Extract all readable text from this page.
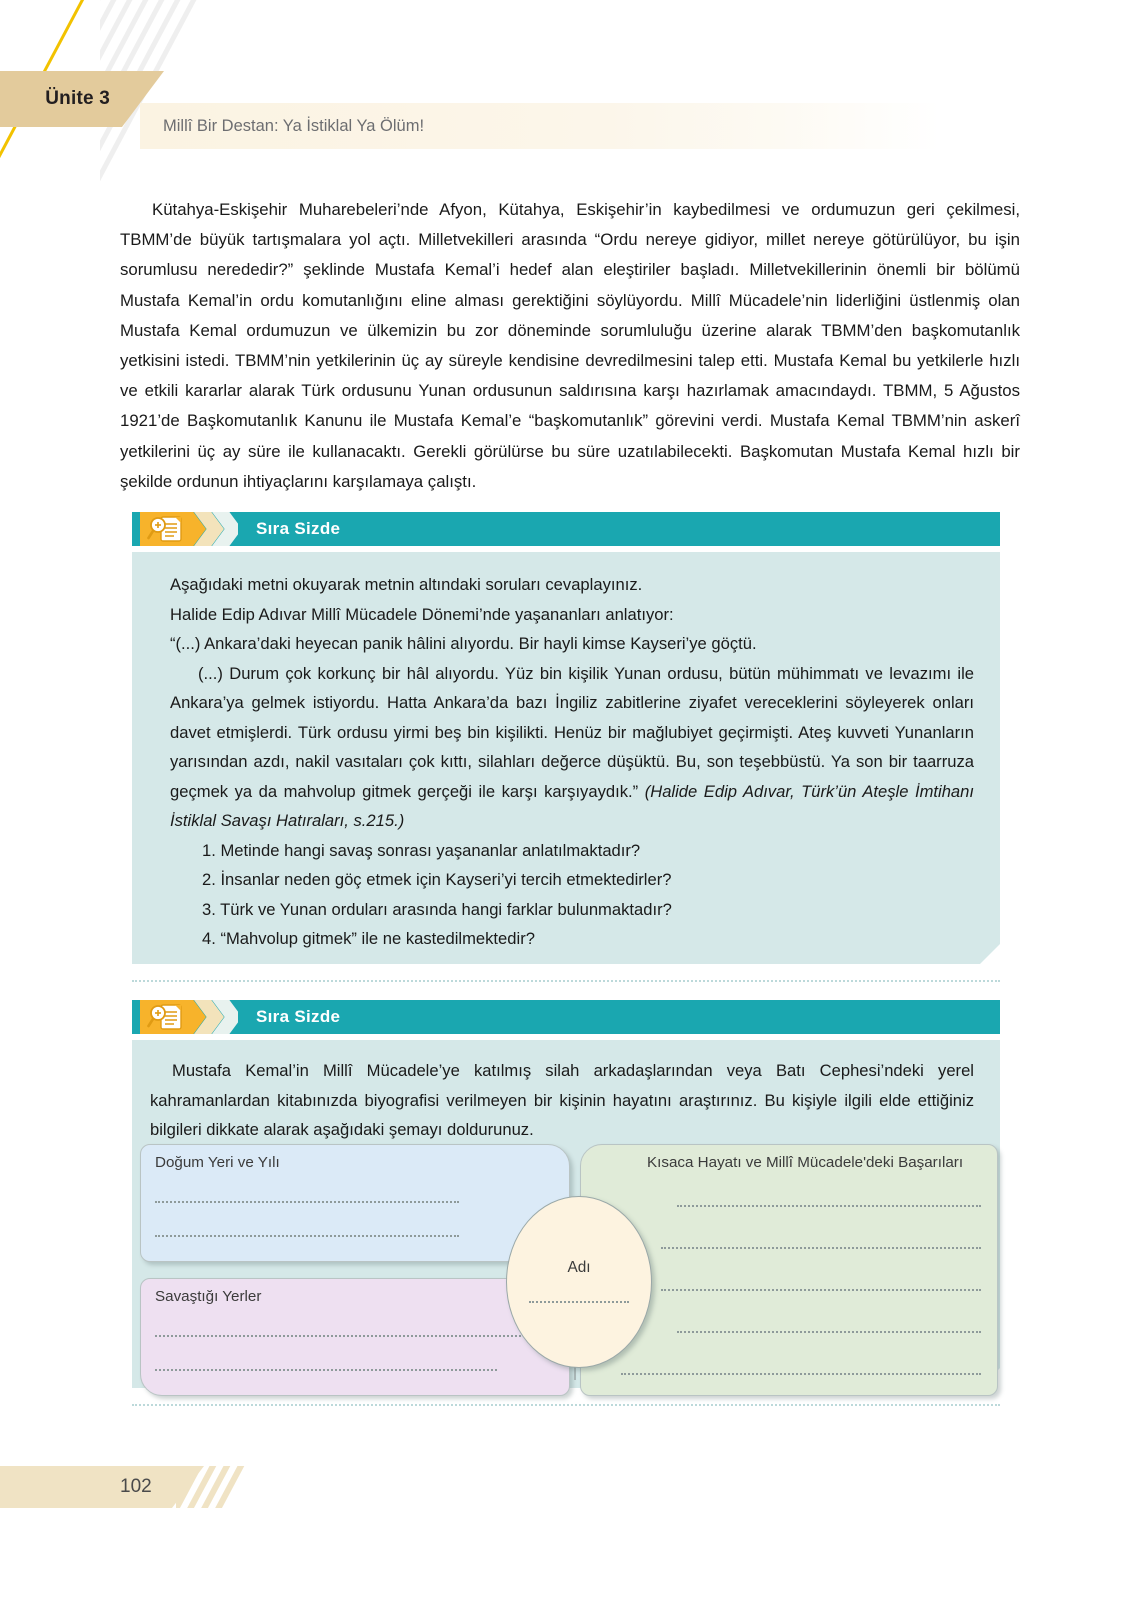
Ünite 3
Millî Bir Destan: Ya İstiklal Ya Ölüm!

Kütahya-Eskişehir Muharebeleri’nde Afyon, Kütahya, Eskişehir’in kaybedilmesi ve ordumuzun geri çekilmesi, TBMM’de büyük tartışmalara yol açtı. Milletvekilleri arasında “Ordu nereye gidiyor, millet nereye götürülüyor, bu işin sorumlusu nerededir?” şeklinde Mustafa Kemal’i hedef alan eleştiriler başladı. Milletvekillerinin önemli bir bölümü Mustafa Kemal’in ordu komutanlığını eline alması gerektiğini söylüyordu. Millî Mücadele’nin liderliğini üstlenmiş olan Mustafa Kemal ordumuzun ve ülkemizin bu zor döneminde sorumluluğu üzerine alarak TBMM’den başkomutanlık yetkisini istedi. TBMM’nin yetkilerinin üç ay süreyle kendisine devredilmesini talep etti. Mustafa Kemal bu yetkilerle hızlı ve etkili kararlar alarak Türk ordusunu Yunan ordusunun saldırısına karşı hazırlamak amacındaydı. TBMM, 5 Ağustos 1921’de Başkomutanlık Kanunu ile Mustafa Kemal’e “başkomutanlık” görevini verdi. Mustafa Kemal TBMM’nin askerî yetkilerini üç ay süre ile kullanacaktı. Gerekli görülürse bu süre uzatılabilecekti. Başkomutan Mustafa Kemal hızlı bir şekilde ordunun ihtiyaçlarını karşılamaya çalıştı.

Sıra Sizde

Aşağıdaki metni okuyarak metnin altındaki soruları cevaplayınız.

Halide Edip Adıvar Millî Mücadele Dönemi’nde yaşananları anlatıyor:

“(...) Ankara’daki heyecan panik hâlini alıyordu. Bir hayli kimse Kayseri’ye göçtü.

(...) Durum çok korkunç bir hâl alıyordu. Yüz bin kişilik Yunan ordusu, bütün mühimmatı ve levazımı ile Ankara’ya gelmek istiyordu. Hatta Ankara’da bazı İngiliz zabitlerine ziyafet vereceklerini söyleyerek onları davet etmişlerdi. Türk ordusu yirmi beş bin kişilikti. Henüz bir mağlubiyet geçirmişti. Ateş kuvveti Yunanların yarısından azdı, nakil vasıtaları çok kıttı, silahları değerce düşüktü. Bu, son teşebbüstü. Ya son bir taarruza geçmek ya da mahvolup gitmek gerçeği ile karşı karşıyaydık.” (Halide Edip Adıvar, Türk’ün Ateşle İmtihanı İstiklal Savaşı Hatıraları, s.215.)

1. Metinde hangi savaş sonrası yaşananlar anlatılmaktadır?

2. İnsanlar neden göç etmek için Kayseri’yi tercih etmektedirler?

3. Türk ve Yunan orduları arasında hangi farklar bulunmaktadır?

4. “Mahvolup gitmek” ile ne kastedilmektedir?

Sıra Sizde

Mustafa Kemal’in Millî Mücadele’ye katılmış silah arkadaşlarından veya Batı Cephesi’ndeki yerel kahramanlardan kitabınızda biyografisi verilmeyen bir kişinin hayatını araştırınız. Bu kişiyle ilgili elde ettiğiniz bilgileri dikkate alarak aşağıdaki şemayı doldurunuz.

Doğum Yeri ve Yılı
Savaştığı Yerler
Kısaca Hayatı ve Millî Mücadele'deki Başarıları
Adı
102
